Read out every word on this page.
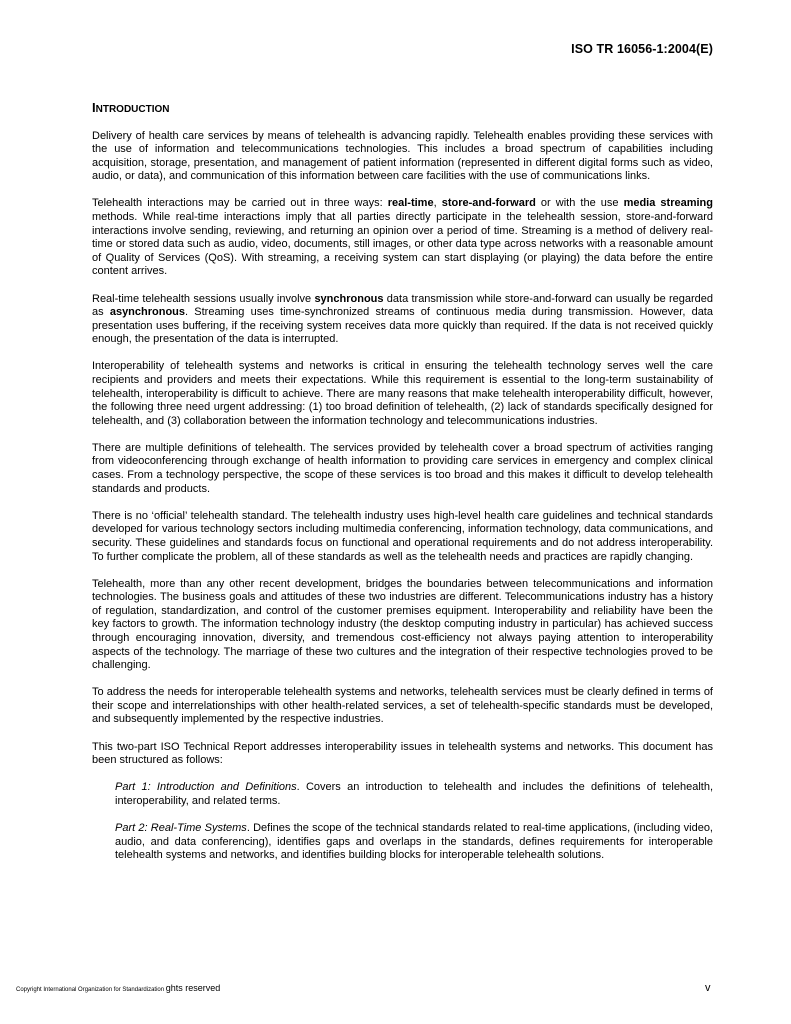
ISO TR 16056-1:2004(E)
INTRODUCTION

Delivery of health care services by means of telehealth is advancing rapidly. Telehealth enables providing these services with the use of information and telecommunications technologies. This includes a broad spectrum of capabilities including acquisition, storage, presentation, and management of patient information (represented in different digital forms such as video, audio, or data), and communication of this information between care facilities with the use of communications links.

Telehealth interactions may be carried out in three ways: real-time, store-and-forward or with the use media streaming methods. While real-time interactions imply that all parties directly participate in the telehealth session, store-and-forward interactions involve sending, reviewing, and returning an opinion over a period of time. Streaming is a method of delivery real-time or stored data such as audio, video, documents, still images, or other data type across networks with a reasonable amount of Quality of Services (QoS). With streaming, a receiving system can start displaying (or playing) the data before the entire content arrives.

Real-time telehealth sessions usually involve synchronous data transmission while store-and-forward can usually be regarded as asynchronous. Streaming uses time-synchronized streams of continuous media during transmission. However, data presentation uses buffering, if the receiving system receives data more quickly than required. If the data is not received quickly enough, the presentation of the data is interrupted.

Interoperability of telehealth systems and networks is critical in ensuring the telehealth technology serves well the care recipients and providers and meets their expectations. While this requirement is essential to the long-term sustainability of telehealth, interoperability is difficult to achieve. There are many reasons that make telehealth interoperability difficult, however, the following three need urgent addressing: (1) too broad definition of telehealth, (2) lack of standards specifically designed for telehealth, and (3) collaboration between the information technology and telecommunications industries.

There are multiple definitions of telehealth. The services provided by telehealth cover a broad spectrum of activities ranging from videoconferencing through exchange of health information to providing care services in emergency and complex clinical cases. From a technology perspective, the scope of these services is too broad and this makes it difficult to develop telehealth standards and products.

There is no ‘official’ telehealth standard. The telehealth industry uses high-level health care guidelines and technical standards developed for various technology sectors including multimedia conferencing, information technology, data communications, and security. These guidelines and standards focus on functional and operational requirements and do not address interoperability. To further complicate the problem, all of these standards as well as the telehealth needs and practices are rapidly changing.

Telehealth, more than any other recent development, bridges the boundaries between telecommunications and information technologies. The business goals and attitudes of these two industries are different. Telecommunications industry has a history of regulation, standardization, and control of the customer premises equipment. Interoperability and reliability have been the key factors to growth. The information technology industry (the desktop computing industry in particular) has achieved success through encouraging innovation, diversity, and tremendous cost-efficiency not always paying attention to interoperability aspects of the technology. The marriage of these two cultures and the integration of their respective technologies proved to be challenging.

To address the needs for interoperable telehealth systems and networks, telehealth services must be clearly defined in terms of their scope and interrelationships with other health-related services, a set of telehealth-specific standards must be developed, and subsequently implemented by the respective industries.

This two-part ISO Technical Report addresses interoperability issues in telehealth systems and networks. This document has been structured as follows:

Part 1: Introduction and Definitions. Covers an introduction to telehealth and includes the definitions of telehealth, interoperability, and related terms.

Part 2: Real-Time Systems. Defines the scope of the technical standards related to real-time applications, (including video, audio, and data conferencing), identifies gaps and overlaps in the standards, defines requirements for interoperable telehealth systems and networks, and identifies building blocks for interoperable telehealth solutions.

Copyright International Organization for Standardization ghts reserved	v
